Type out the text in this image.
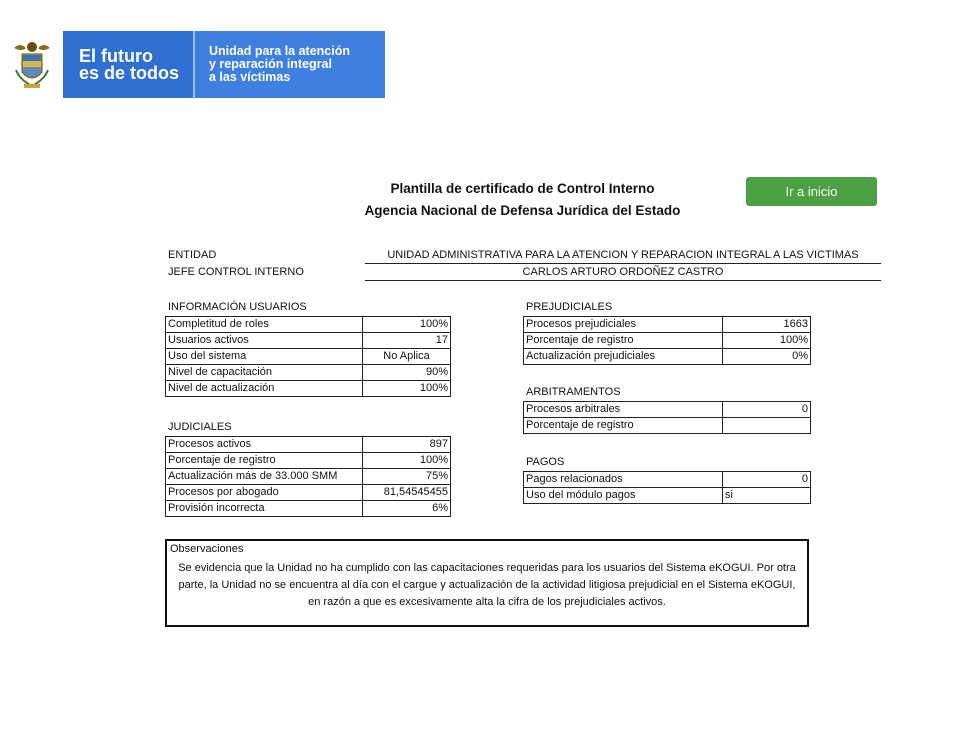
El futuro
es de todos
Unidad para la atención
y reparación integral
a las víctimas
Plantilla de certificado de Control Interno
Agencia Nacional de Defensa Jurídica del Estado
Ir a inicio
ENTIDAD	UNIDAD ADMINISTRATIVA PARA LA ATENCION Y REPARACION INTEGRAL A LAS VICTIMAS
JEFE CONTROL INTERNO	CARLOS ARTURO ORDOÑEZ CASTRO
INFORMACIÓN USUARIOS
Completitud de roles	100%
Usuarios activos	17
Uso del sistema	No Aplica
Nivel de capacitación	90%
Nivel de actualización	100%
JUDICIALES
Procesos activos	897
Porcentaje de registro	100%
Actualización más de 33.000 SMM	75%
Procesos por abogado	81,54545455
Provisión incorrecta	6%
PREJUDICIALES
Procesos prejudiciales	1663
Porcentaje de registro	100%
Actualización prejudiciales	0%
ARBITRAMENTOS
Procesos arbitrales	0
Porcentaje de registro	
PAGOS
Pagos relacionados	0
Uso del módulo pagos	si
Observaciones
Se evidencia que la Unidad no ha cumplido con las capacitaciones requeridas para los usuarios del Sistema eKOGUI. Por otra parte, la Unidad no se encuentra al día con el cargue y actualización de la actividad litigiosa prejudicial en el Sistema eKOGUI, en razón a que es excesivamente alta la cifra de los prejudiciales activos.
